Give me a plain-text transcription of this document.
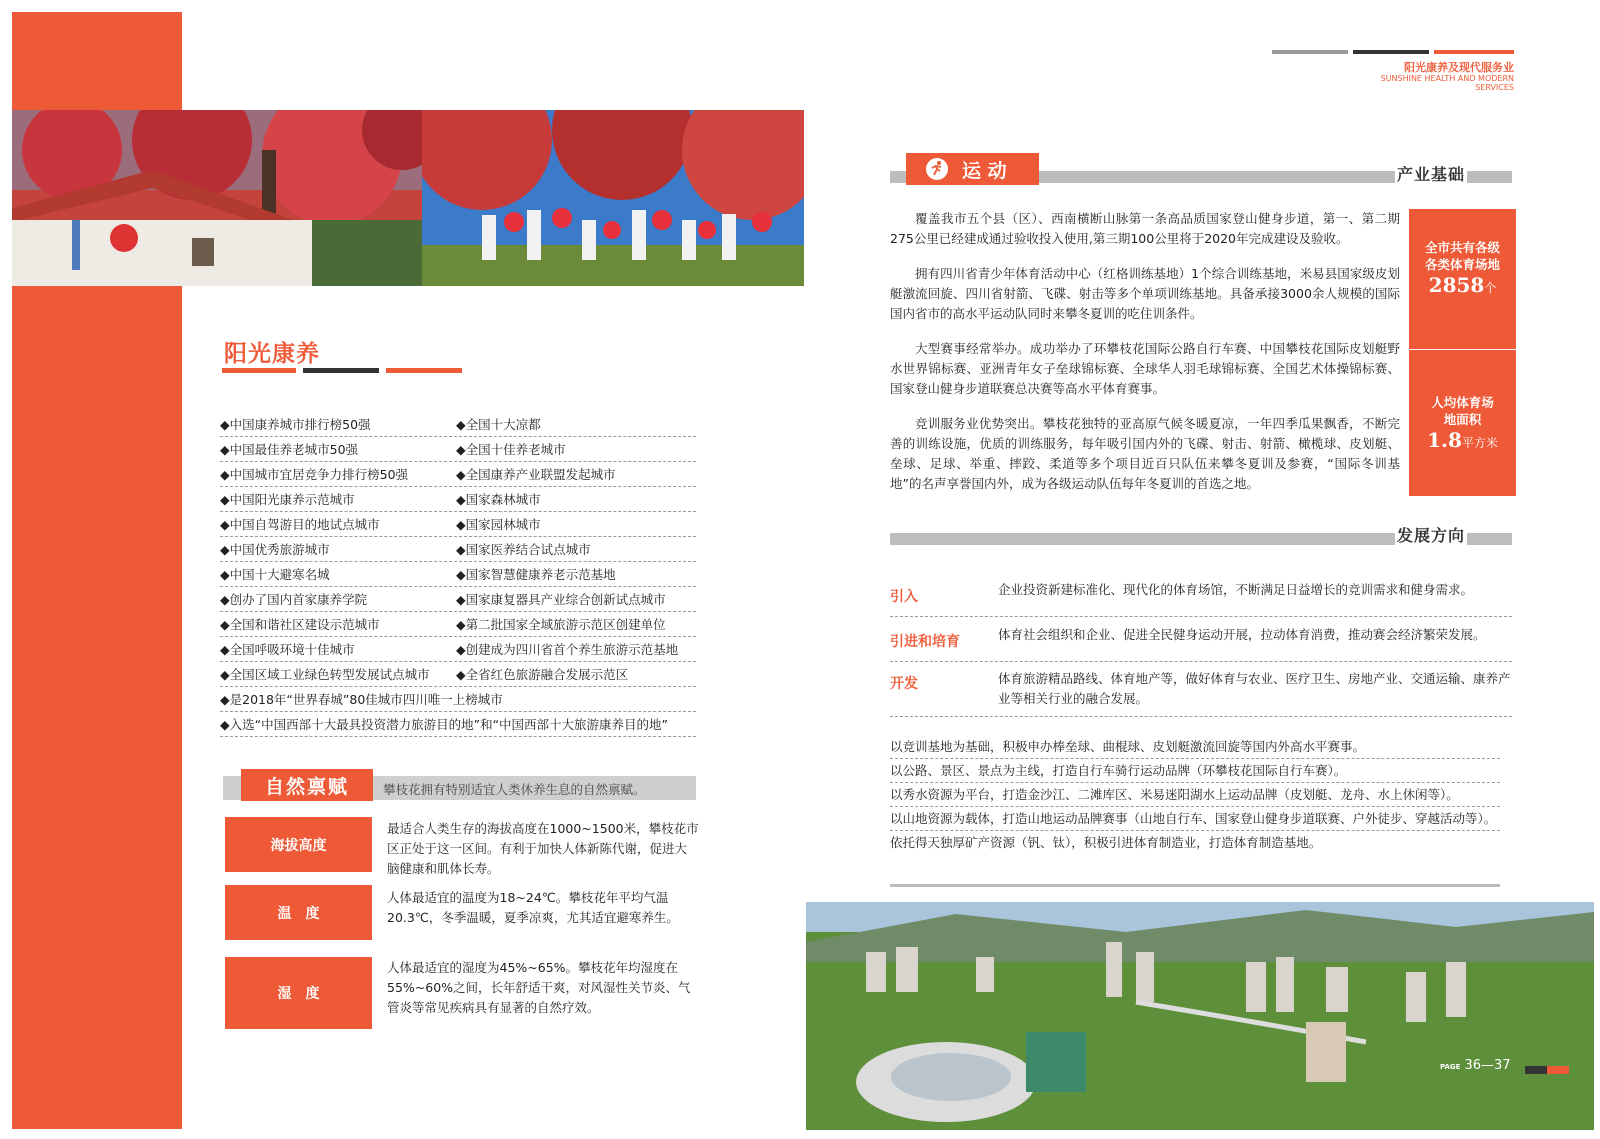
阳光康养
◆中国康养城市排行榜50强	◆全国十大凉都
◆中国最佳养老城市50强	◆全国十佳养老城市
◆中国城市宜居竞争力排行榜50强	◆全国康养产业联盟发起城市
◆中国阳光康养示范城市	◆国家森林城市
◆中国自驾游目的地试点城市	◆国家园林城市
◆中国优秀旅游城市	◆国家医养结合试点城市
◆中国十大避寒名城	◆国家智慧健康养老示范基地
◆创办了国内首家康养学院	◆国家康复器具产业综合创新试点城市
◆全国和谐社区建设示范城市	◆第二批国家全域旅游示范区创建单位
◆全国呼吸环境十佳城市	◆创建成为四川省首个养生旅游示范基地
◆全国区域工业绿色转型发展试点城市	◆全省红色旅游融合发展示范区
◆是2018年“世界春城”80佳城市四川唯一上榜城市
◆入选“中国西部十大最具投资潜力旅游目的地”和“中国西部十大旅游康养目的地”
自然禀赋	攀枝花拥有特别适宜人类休养生息的自然禀赋。
海拔高度
最适合人类生存的海拔高度在1000~1500米，攀枝花市区正处于这一区间。有利于加快人体新陈代谢，促进大脑健康和肌体长寿。
温　度
人体最适宜的温度为18~24℃。攀枝花年平均气温20.3℃，冬季温暖，夏季凉爽，尤其适宜避寒养生。
湿　度
人体最适宜的湿度为45%~65%。攀枝花年均湿度在55%~60%之间，长年舒适干爽，对风湿性关节炎、气管炎等常见疾病具有显著的自然疗效。
阳光康养及现代服务业
SUNSHINE HEALTH AND MODERN SERVICES
运 动	产业基础

覆盖我市五个县（区）、西南横断山脉第一条高品质国家登山健身步道，第一、第二期275公里已经建成通过验收投入使用,第三期100公里将于2020年完成建设及验收。

拥有四川省青少年体育活动中心（红格训练基地）1个综合训练基地，米易县国家级皮划艇激流回旋、四川省射箭、飞碟、射击等多个单项训练基地。具备承接3000余人规模的国际国内省市的高水平运动队同时来攀冬夏训的吃住训条件。

大型赛事经常举办。成功举办了环攀枝花国际公路自行车赛、中国攀枝花国际皮划艇野水世界锦标赛、亚洲青年女子垒球锦标赛、全球华人羽毛球锦标赛、全国艺术体操锦标赛、国家登山健身步道联赛总决赛等高水平体育赛事。

竞训服务业优势突出。攀枝花独特的亚高原气候冬暖夏凉，一年四季瓜果飘香，不断完善的训练设施，优质的训练服务，每年吸引国内外的飞碟、射击、射箭、橄榄球、皮划艇、垒球、足球、举重、摔跤、柔道等多个项目近百只队伍来攀冬夏训及参赛，“国际冬训基地”的名声享誉国内外，成为各级运动队伍每年冬夏训的首选之地。

全市共有各级各类体育场地
2858个
人均体育场地面积
1.8平方米
发展方向
引入	企业投资新建标准化、现代化的体育场馆，不断满足日益增长的竞训需求和健身需求。
引进和培育	体育社会组织和企业、促进全民健身运动开展，拉动体育消费，推动赛会经济繁荣发展。
开发	体育旅游精品路线、体育地产等，做好体育与农业、医疗卫生、房地产业、交通运输、康养产业等相关行业的融合发展。
以竞训基地为基础，积极申办棒垒球、曲棍球、皮划艇激流回旋等国内外高水平赛事。
以公路、景区、景点为主线，打造自行车骑行运动品牌（环攀枝花国际自行车赛）。
以秀水资源为平台，打造金沙江、二滩库区、米易迷阳湖水上运动品牌（皮划艇、龙舟、水上休闲等）。
以山地资源为载体，打造山地运动品牌赛事（山地自行车、国家登山健身步道联赛、户外徒步、穿越活动等）。
依托得天独厚矿产资源（钒、钛），积极引进体育制造业，打造体育制造基地。
PAGE 36—37
